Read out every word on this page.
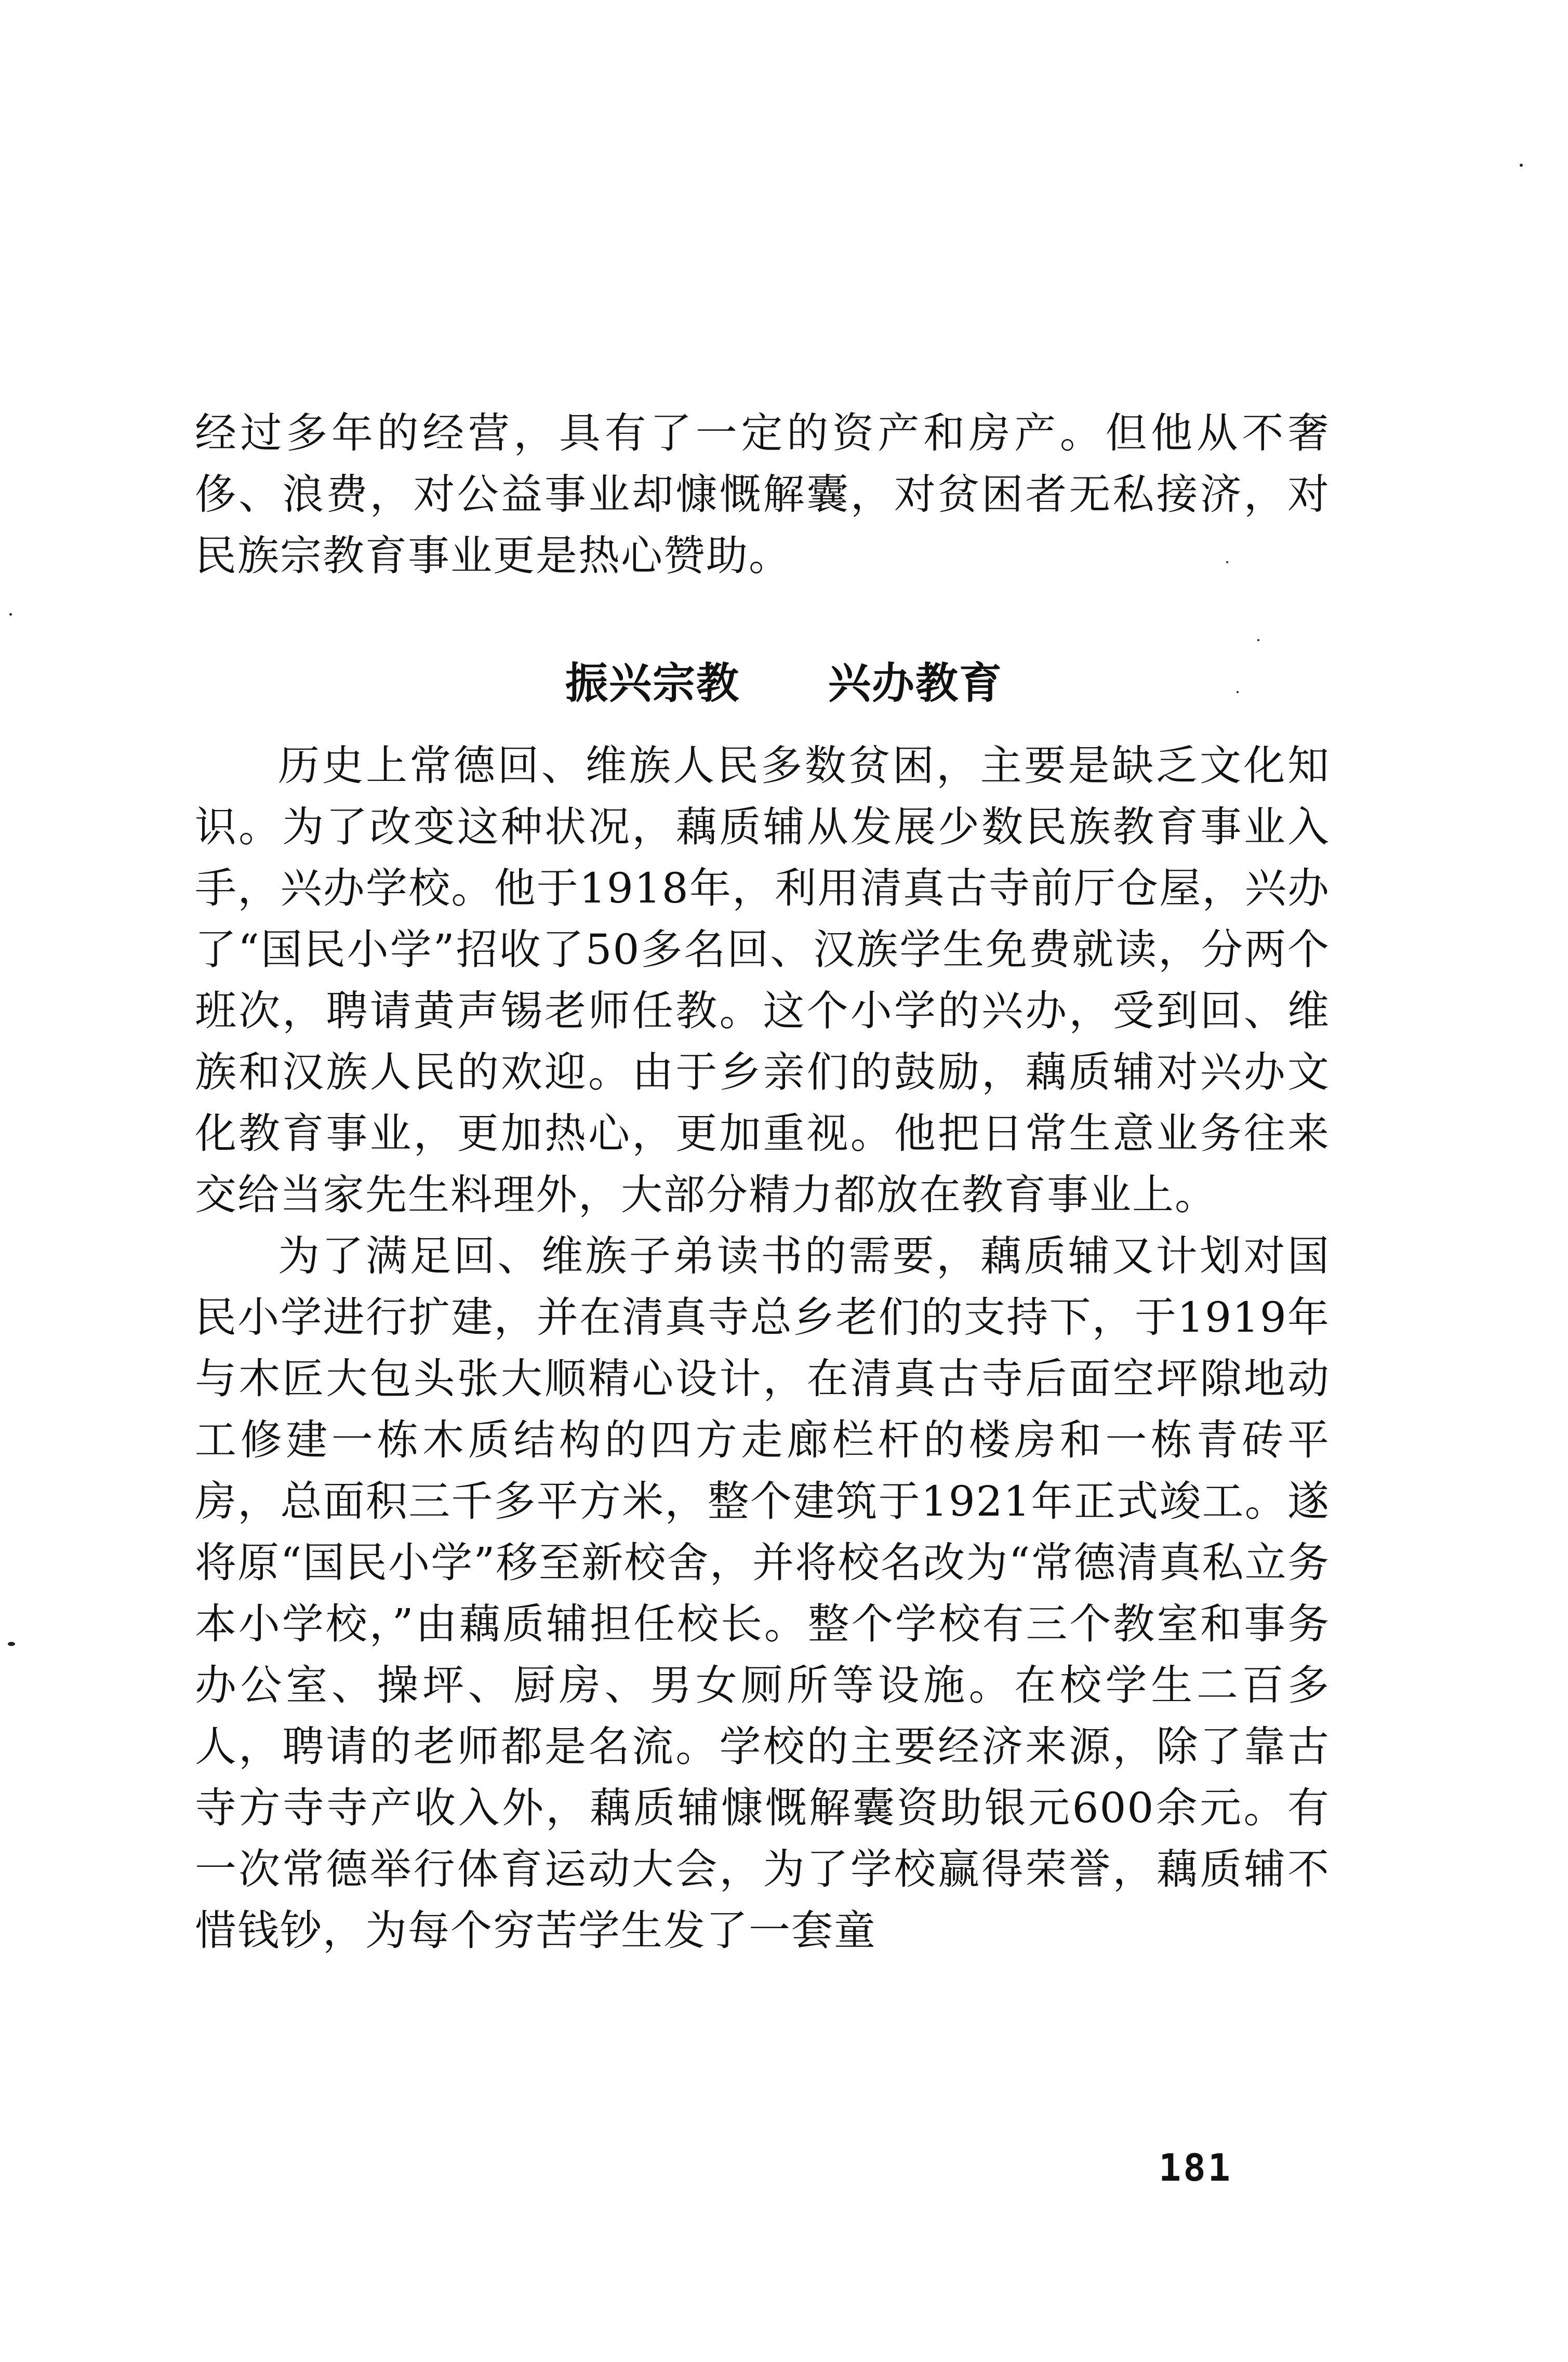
经过多年的经营，具有了一定的资产和房产。但他从不奢侈、浪费，对公益事业却慷慨解囊，对贫困者无私接济，对民族宗教育事业更是热心赞助。

振兴宗教 兴办教育

历史上常德回、维族人民多数贫困，主要是缺乏文化知识。为了改变这种状况，藕质辅从发展少数民族教育事业入手，兴办学校。他于1918年，利用清真古寺前厅仓屋，兴办了“国民小学”招收了50多名回、汉族学生免费就读，分两个班次，聘请黄声锡老师任教。这个小学的兴办，受到回、维族和汉族人民的欢迎。由于乡亲们的鼓励，藕质辅对兴办文化教育事业，更加热心，更加重视。他把日常生意业务往来交给当家先生料理外，大部分精力都放在教育事业上。

为了满足回、维族子弟读书的需要，藕质辅又计划对国民小学进行扩建，并在清真寺总乡老们的支持下，于1919年与木匠大包头张大顺精心设计，在清真古寺后面空坪隙地动工修建一栋木质结构的四方走廊栏杆的楼房和一栋青砖平房，总面积三千多平方米，整个建筑于1921年正式竣工。遂将原“国民小学”移至新校舍，并将校名改为“常德清真私立务本小学校，”由藕质辅担任校长。整个学校有三个教室和事务办公室、操坪、厨房、男女厕所等设施。在校学生二百多人，聘请的老师都是名流。学校的主要经济来源，除了靠古寺方寺寺产收入外，藕质辅慷慨解囊资助银元600余元。有一次常德举行体育运动大会，为了学校赢得荣誉，藕质辅不惜钱钞，为每个穷苦学生发了一套童

181
